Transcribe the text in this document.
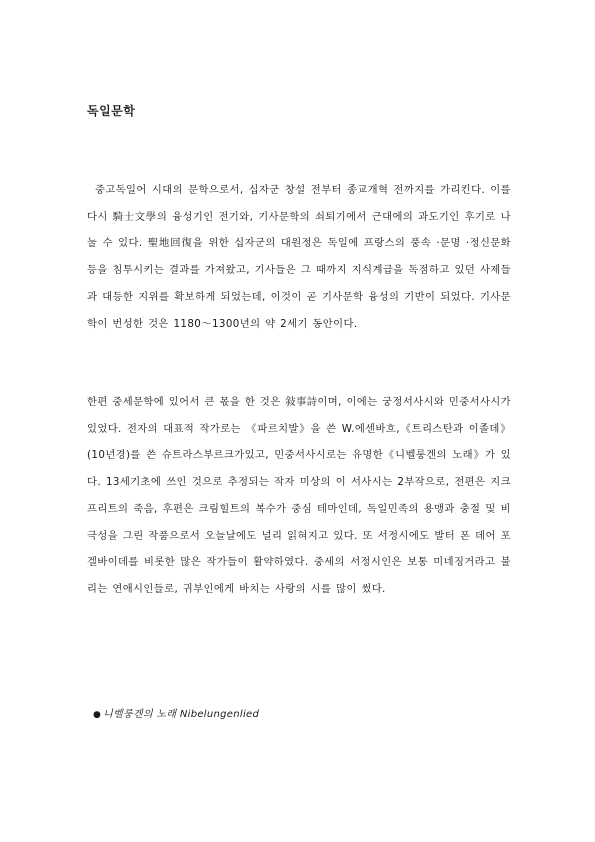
독일문학

중고독일어 시대의 문학으로서, 십자군 창설 전부터 종교개혁 전까지를 가리킨다. 이를 다시 騎士文學의 융성기인 전기와, 기사문학의 쇠퇴기에서 근대에의 과도기인 후기로 나눌 수 있다. 聖地回復을 위한 십자군의 대원정은 독일에 프랑스의 풍속 ·문명 ·정신문화 등을 침투시키는 결과를 가져왔고, 기사들은 그 때까지 지식계급을 독점하고 있던 사제들과 대등한 지위를 확보하게 되었는데, 이것이 곧 기사문학 융성의 기반이 되었다. 기사문학이 번성한 것은 1180～1300년의 약 2세기 동안이다.

한편 중세문학에 있어서 큰 몫을 한 것은 敍事詩이며, 이에는 궁정서사시와 민중서사시가 있었다. 전자의 대표적 작가로는 《파르치발》을 쓴 W.에센바흐,《트리스탄과 이졸데》(10년경)를 쓴 슈트라스부르크가있고, 민중서사시로는 유명한《니벨룽겐의 노래》가 있다. 13세기초에 쓰인 것으로 추정되는 작자 미상의 이 서사시는 2부작으로, 전편은 지크프리트의 죽음, 후편은 크림힐트의 복수가 중심 테마인데, 독일민족의 용맹과 충절 및 비극성을 그린 작품으로서 오늘날에도 널리 읽혀지고 있다. 또 서정시에도 발터 폰 데어 포겔바이데를 비롯한 많은 작가들이 활약하였다. 중세의 서정시인은 보통 미네징거라고 불리는 연애시인들로, 귀부인에게 바치는 사랑의 시를 많이 썼다.

● 니벨룽겐의 노래 Nibelungenlied
